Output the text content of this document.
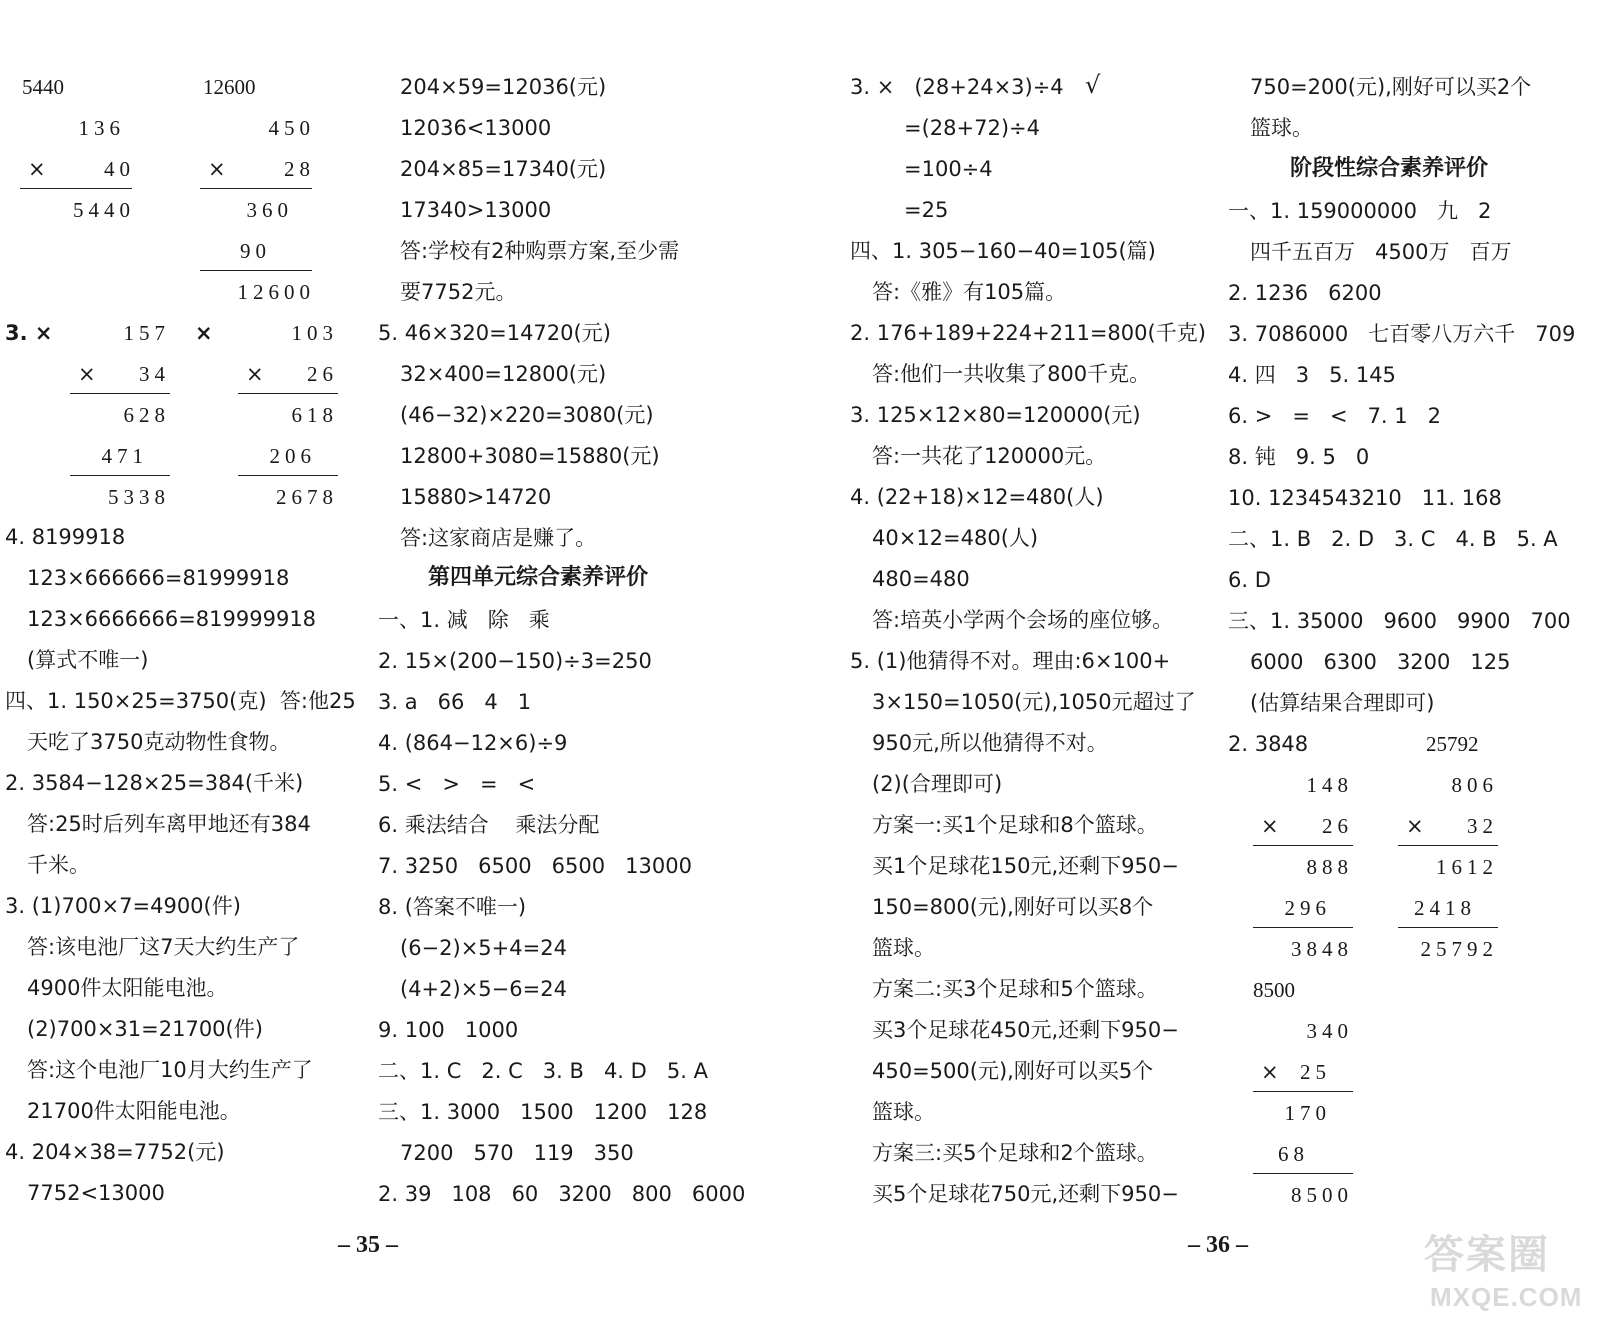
5440
136
×	40
5440
12600
450
×	28
360
90
12600
3. ×	157
× 34
628
471
5338
×	103
× 26
618
206
2678
4. 8199918
123×666666=81999918
123×6666666=819999918
(算式不唯一)
四、1. 150×25=3750(克)  答:他25
天吃了3750克动物性食物。
2. 3584−128×25=384(千米)
答:25时后列车离甲地还有384
千米。
3. (1)700×7=4900(件)
答:该电池厂这7天大约生产了
4900件太阳能电池。
(2)700×31=21700(件)
答:这个电池厂10月大约生产了
21700件太阳能电池。
4. 204×38=7752(元)
7752<13000
204×59=12036(元)
12036<13000
204×85=17340(元)
17340>13000
答:学校有2种购票方案,至少需
要7752元。
5. 46×320=14720(元)
32×400=12800(元)
(46−32)×220=3080(元)
12800+3080=15880(元)
15880>14720
答:这家商店是赚了。
第四单元综合素养评价
一、1. 减   除   乘
2. 15×(200−150)÷3=250
3. a   66   4   1
4. (864−12×6)÷9
5. <   >   =   <
6. 乘法结合    乘法分配
7. 3250   6500   6500   13000
8. (答案不唯一)
(6−2)×5+4=24
(4+2)×5−6=24
9. 100   1000
二、1. C   2. C   3. B   4. D   5. A
三、1. 3000   1500   1200   128
7200   570   119   350
2. 39   108   60   3200   800   6000
– 35 –
3. ×   (28+24×3)÷4 √
=(28+72)÷4
=100÷4
=25
四、1. 305−160−40=105(篇)
答:《雅》有105篇。
2. 176+189+224+211=800(千克)
答:他们一共收集了800千克。
3. 125×12×80=120000(元)
答:一共花了120000元。
4. (22+18)×12=480(人)
40×12=480(人)
480=480
答:培英小学两个会场的座位够。
5. (1)他猜得不对。理由:6×100+
3×150=1050(元),1050元超过了
950元,所以他猜得不对。
(2)(合理即可)
方案一:买1个足球和8个篮球。
买1个足球花150元,还剩下950−
150=800(元),刚好可以买8个
篮球。
方案二:买3个足球和5个篮球。
买3个足球花450元,还剩下950−
450=500(元),刚好可以买5个
篮球。
方案三:买5个足球和2个篮球。
买5个足球花750元,还剩下950−
– 36 –
750=200(元),刚好可以买2个
篮球。
阶段性综合素养评价
一、1. 159000000   九   2
四千五百万   4500万   百万
2. 1236   6200
3. 7086000   七百零八万六千   709
4. 四   3   5. 145
6. >   =   <   7. 1   2
8. 钝   9. 5   0
10. 1234543210   11. 168
二、1. B   2. D   3. C   4. B   5. A
6. D
三、1. 35000   9600   9900   700
6000   6300   3200   125
(估算结果合理即可)
2. 3848	25792
148
× 26
888
296
3848
806
× 32
1612
2418
25792
8500
340
× 25
170
68
8500
答案圈
MXQE.COM
